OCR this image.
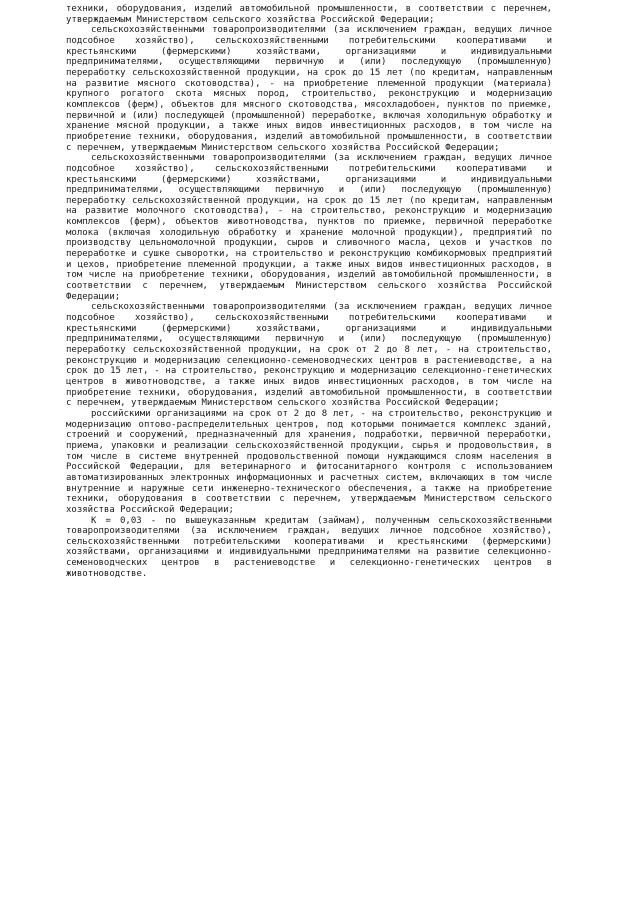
техники, оборудования, изделий автомобильной промышленности, в соответствии с перечнем, утверждаемым Министерством сельского хозяйства Российской Федерации;

сельскохозяйственными товаропроизводителями (за исключением граждан, ведущих личное подсобное хозяйство), сельскохозяйственными потребительскими кооперативами и крестьянскими (фермерскими) хозяйствами, организациями и индивидуальными предпринимателями, осуществляющими первичную и (или) последующую (промышленную) переработку сельскохозяйственной продукции, на срок до 15 лет (по кредитам, направленным на развитие мясного скотоводства), - на приобретение племенной продукции (материала) крупного рогатого скота мясных пород, строительство, реконструкцию и модернизацию комплексов (ферм), объектов для мясного скотоводства, мясохладобоен, пунктов по приемке, первичной и (или) последующей (промышленной) переработке, включая холодильную обработку и хранение мясной продукции, а также иных видов инвестиционных расходов, в том числе на приобретение техники, оборудования, изделий автомобильной промышленности, в соответствии с перечнем, утверждаемым Министерством сельского хозяйства Российской Федерации;

сельскохозяйственными товаропроизводителями (за исключением граждан, ведущих личное подсобное хозяйство), сельскохозяйственными потребительскими кооперативами и крестьянскими (фермерскими) хозяйствами, организациями и индивидуальными предпринимателями, осуществляющими первичную и (или) последующую (промышленную) переработку сельскохозяйственной продукции, на срок до 15 лет (по кредитам, направленным на развитие молочного скотоводства), - на строительство, реконструкцию и модернизацию комплексов (ферм), объектов животноводства, пунктов по приемке, первичной переработке молока (включая холодильную обработку и хранение молочной продукции), предприятий по производству цельномолочной продукции, сыров и сливочного масла, цехов и участков по переработке и сушке сыворотки, на строительство и реконструкцию комбикормовых предприятий и цехов, приобретение племенной продукции, а также иных видов инвестиционных расходов, в том числе на приобретение техники, оборудования, изделий автомобильной промышленности, в соответствии с перечнем, утверждаемым Министерством сельского хозяйства Российской Федерации;

сельскохозяйственными товаропроизводителями (за исключением граждан, ведущих личное подсобное хозяйство), сельскохозяйственными потребительскими кооперативами и крестьянскими (фермерскими) хозяйствами, организациями и индивидуальными предпринимателями, осуществляющими первичную и (или) последующую (промышленную) переработку сельскохозяйственной продукции, на срок от 2 до 8 лет, - на строительство, реконструкцию и модернизацию селекционно-семеноводческих центров в растениеводстве, а на срок до 15 лет, - на строительство, реконструкцию и модернизацию селекционно-генетических центров в животноводстве, а также иных видов инвестиционных расходов, в том числе на приобретение техники, оборудования, изделий автомобильной промышленности, в соответствии с перечнем, утверждаемым Министерством сельского хозяйства Российской Федерации;

российскими организациями на срок от 2 до 8 лет, - на строительство, реконструкцию и модернизацию оптово-распределительных центров, под которыми понимается комплекс зданий, строений и сооружений, предназначенный для хранения, подработки, первичной переработки, приема, упаковки и реализации сельскохозяйственной продукции, сырья и продовольствия, в том числе в системе внутренней продовольственной помощи нуждающимся слоям населения в Российской Федерации, для ветеринарного и фитосанитарного контроля с использованием автоматизированных электронных информационных и расчетных систем, включающих в том числе внутренние и наружные сети инженерно-технического обеспечения, а также на приобретение техники, оборудования в соответствии с перечнем, утверждаемым Министерством сельского хозяйства Российской Федерации;

К = 0,03 - по вышеуказанным кредитам (займам), полученным сельскохозяйственными товаропроизводителями (за исключением граждан, ведущих личное подсобное хозяйство), сельскохозяйственными потребительскими кооперативами и крестьянскими (фермерскими) хозяйствами, организациями и индивидуальными предпринимателями на развитие селекционно-семеноводческих центров в растениеводстве и селекционно-генетических центров в животноводстве.
